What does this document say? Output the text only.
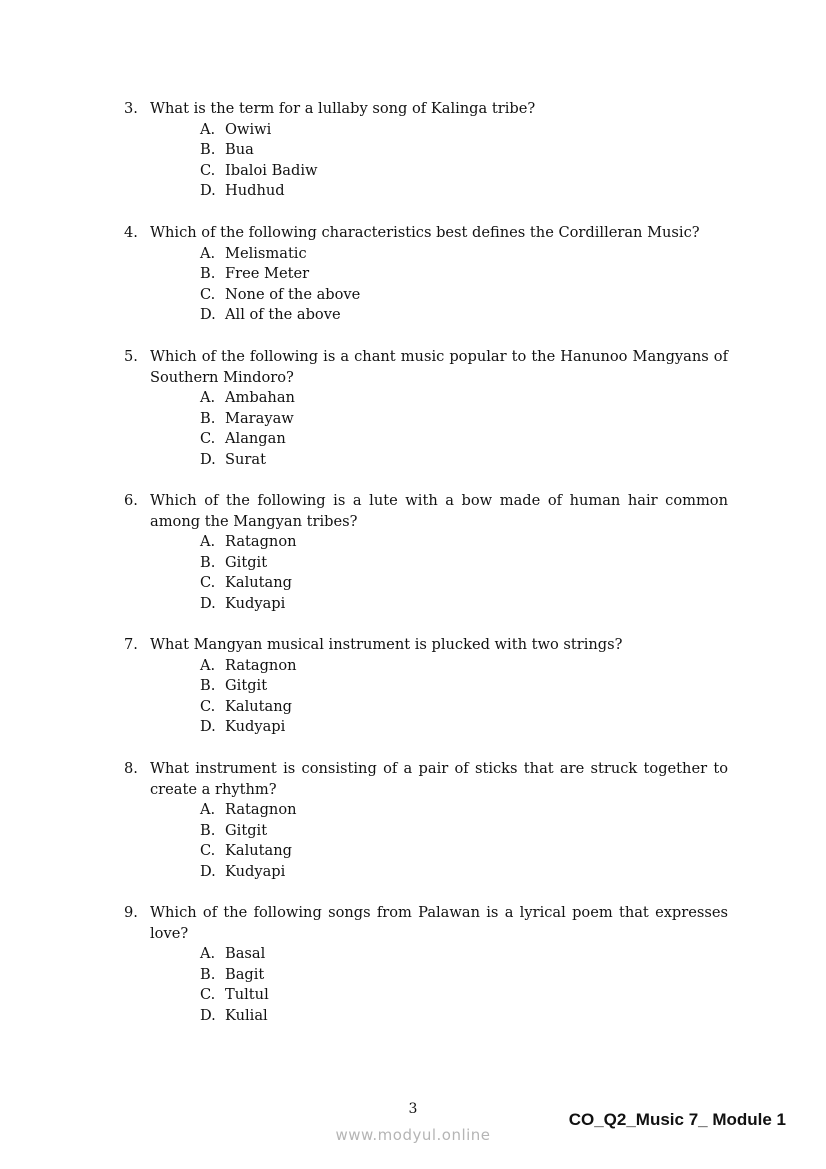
3. What is the term for a lullaby song of Kalinga tribe?
A. Owiwi
B. Bua
C. Ibaloi Badiw
D. Hudhud
4. Which of the following characteristics best defines the Cordilleran Music?
A. Melismatic
B. Free Meter
C. None of the above
D. All of the above
5. Which of the following is a chant music popular to the Hanunoo Mangyans of Southern Mindoro?
A. Ambahan
B. Marayaw
C. Alangan
D. Surat
6. Which of the following is a lute with a bow made of human hair common among the Mangyan tribes?
A. Ratagnon
B. Gitgit
C. Kalutang
D. Kudyapi
7. What Mangyan musical instrument is plucked with two strings?
A. Ratagnon
B. Gitgit
C. Kalutang
D. Kudyapi
8. What instrument is consisting of a pair of sticks that are struck together to create a rhythm?
A. Ratagnon
B. Gitgit
C. Kalutang
D. Kudyapi
9. Which of the following songs from Palawan is a lyrical poem that expresses love?
A. Basal
B. Bagit
C. Tultul
D. Kulial
3
www.modyul.online
CO_Q2_Music 7_ Module 1
